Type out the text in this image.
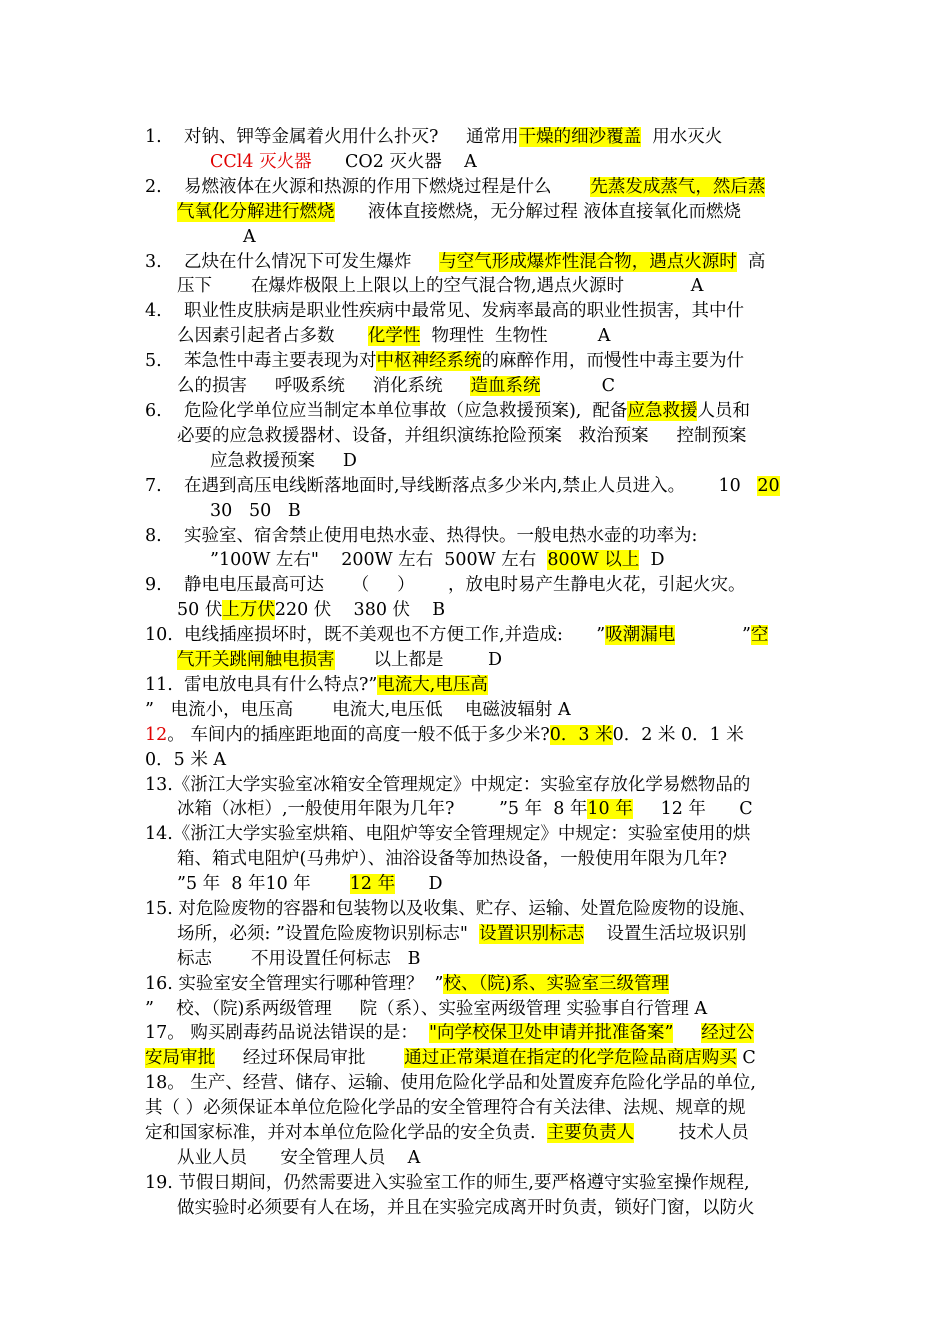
1.    对钠、钾等金属着火用什么扑灭?     通常用干燥的细沙覆盖  用水灭火
CCl4 灭火器      CO2 灭火器    A
2.    易燃液体在火源和热源的作用下燃烧过程是什么       先蒸发成蒸气，然后蒸
气氧化分解进行燃烧      液体直接燃烧，无分解过程 液体直接氧化而燃烧
A
3.    乙炔在什么情况下可发生爆炸     与空气形成爆炸性混合物，遇点火源时  高
压下       在爆炸极限上上限以上的空气混合物,遇点火源时            A
4.    职业性皮肤病是职业性疾病中最常见、发病率最高的职业性损害，其中什
么因素引起者占多数      化学性  物理性  生物性         A
5.    苯急性中毒主要表现为对中枢神经系统的麻醉作用，而慢性中毒主要为什
么的损害     呼吸系统     消化系统     造血系统           C
6.    危险化学单位应当制定本单位事故（应急救援预案),  配备应急救援人员和
必要的应急救援器材、设备，并组织演练抢险预案   救治预案     控制预案
应急救援预案     D
7.    在遇到高压电线断落地面时,导线断落点多少米内,禁止人员进入。      10   20
30   50   B
8.    实验室、宿舍禁止使用电热水壶、热得快。一般电热水壶的功率为:
”100W 左右"    200W 左右  500W 左右  800W 以上  D
9.    静电电压最高可达     （     ）      ，放电时易产生静电火花，引起火灾。
50 伏上万伏220 伏    380 伏    B
10.  电线插座损坏时，既不美观也不方便工作,并造成:      ”吸潮漏电            ”空
气开关跳闸触电损害       以上都是        D
11.  雷电放电具有什么特点?”电流大,电压高
”   电流小，电压高       电流大,电压低    电磁波辐射 A
12。 车间内的插座距地面的高度一般不低于多少米?0．3 米0．2 米 0．1 米
0．5 米 A
13.《浙江大学实验室冰箱安全管理规定》中规定：实验室存放化学易燃物品的
冰箱（冰柜）,一般使用年限为几年?        ”5 年  8 年10 年     12 年      C
14.《浙江大学实验室烘箱、电阻炉等安全管理规定》中规定：实验室使用的烘
箱、箱式电阻炉(马弗炉）、油浴设备等加热设备，一般使用年限为几年?
”5 年  8 年10 年       12 年      D
15. 对危险废物的容器和包装物以及收集、贮存、运输、处置危险废物的设施、
场所，必须: ”设置危险废物识别标志"  设置识别标志    设置生活垃圾识别
标志       不用设置任何标志   B
16. 实验室安全管理实行哪种管理？  ”校、（院)系、实验室三级管理
”    校、（院)系两级管理     院（系）、实验室两级管理 实验事自行管理 A
17。 购买剧毒药品说法错误的是：  "向学校保卫处申请并批准备案” 经过公
安局审批     经过环保局审批       通过正常渠道在指定的化学危险品商店购买 C
18。 生产、经营、储存、运输、使用危险化学品和处置废弃危险化学品的单位,
其（ ）必须保证本单位危险化学品的安全管理符合有关法律、法规、规章的规
定和国家标准，并对本单位危险化学品的安全负责.  主要负责人        技术人员
从业人员      安全管理人员    A
19. 节假日期间，仍然需要进入实验室工作的师生,要严格遵守实验室操作规程,
做实验时必须要有人在场，并且在实验完成离开时负责，锁好门窗，以防火
